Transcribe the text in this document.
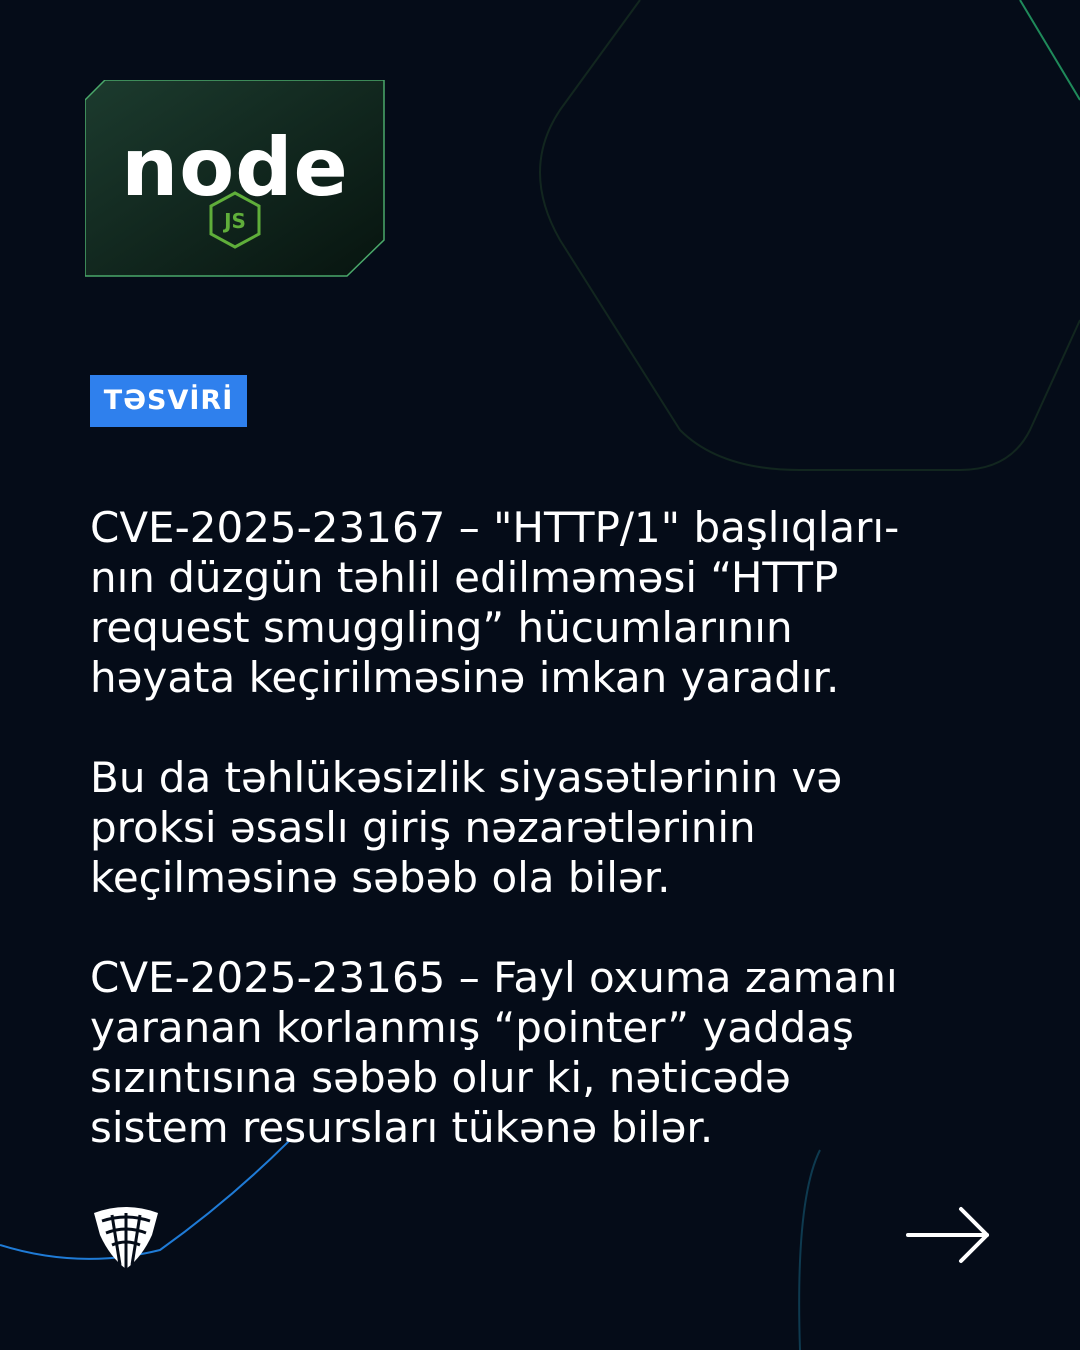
node
JS
TƏSVİRİ

CVE-2025-23167 – "HTTP/1" başlıqları-
nın düzgün təhlil edilməməsi “HTTP
request smuggling” hücumlarının
həyata keçirilməsinə imkan yaradır.

Bu da təhlükəsizlik siyasətlərinin və
proksi əsaslı giriş nəzarətlərinin
keçilməsinə səbəb ola bilər.

CVE-2025-23165 – Fayl oxuma zamanı
yaranan korlanmış “pointer” yaddaş
sızıntısına səbəb olur ki, nəticədə
sistem resursları tükənə bilər.
